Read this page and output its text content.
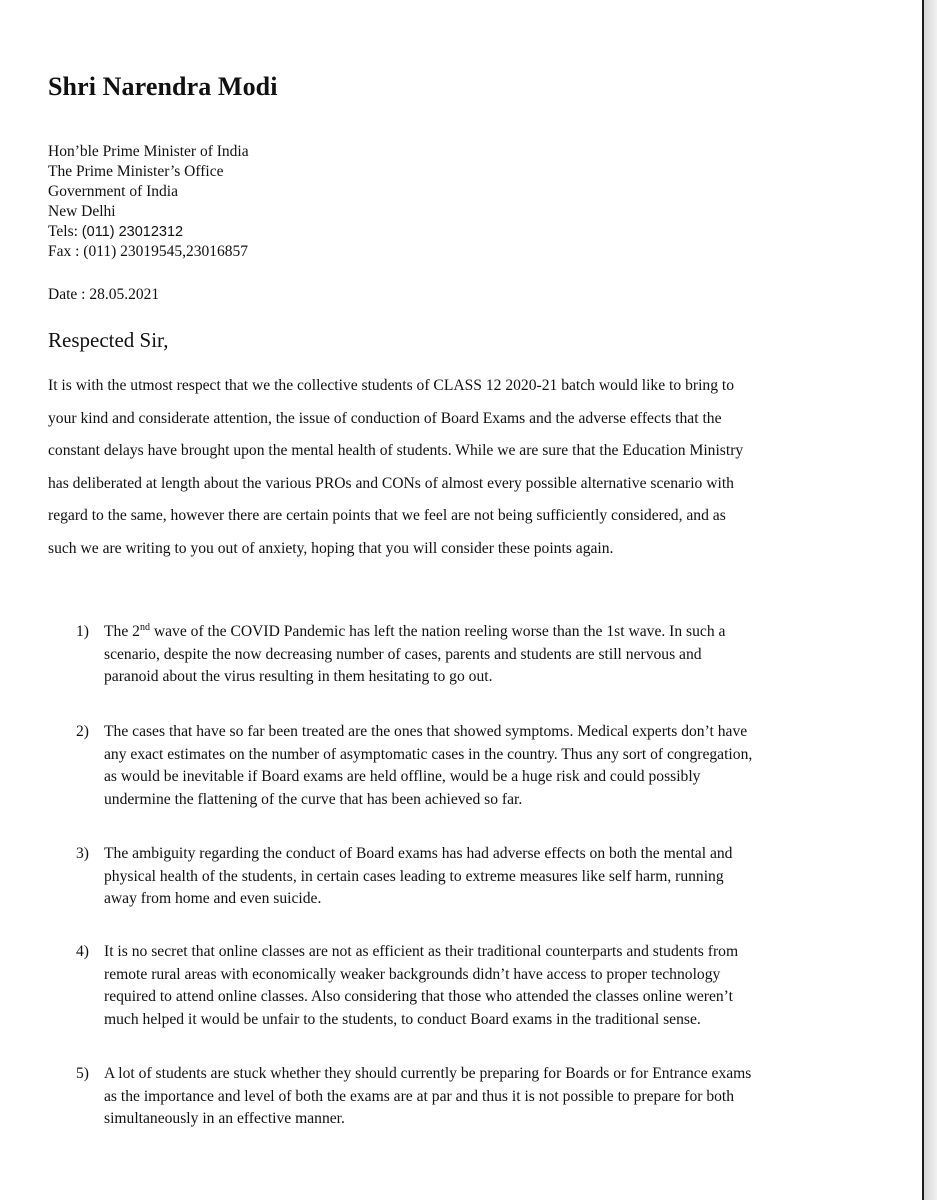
Shri Narendra Modi
Hon’ble Prime Minister of India
The Prime Minister’s Office
Government of India
New Delhi
Tels: (011) 23012312
Fax : (011) 23019545,23016857
Date : 28.05.2021
Respected Sir,

It is with the utmost respect that we the collective students of CLASS 12 2020-21 batch would like to bring to
your kind and considerate attention, the issue of conduction of Board Exams and the adverse effects that the
constant delays have brought upon the mental health of students. While we are sure that the Education Ministry
has deliberated at length about the various PROs and CONs of almost every possible alternative scenario with
regard to the same, however there are certain points that we feel are not being sufficiently considered, and as
such we are writing to you out of anxiety, hoping that you will consider these points again.

1) The 2nd wave of the COVID Pandemic has left the nation reeling worse than the 1st wave. In such a
scenario, despite the now decreasing number of cases, parents and students are still nervous and
paranoid about the virus resulting in them hesitating to go out.
2) The cases that have so far been treated are the ones that showed symptoms. Medical experts don’t have
any exact estimates on the number of asymptomatic cases in the country. Thus any sort of congregation,
as would be inevitable if Board exams are held offline, would be a huge risk and could possibly
undermine the flattening of the curve that has been achieved so far.
3) The ambiguity regarding the conduct of Board exams has had adverse effects on both the mental and
physical health of the students, in certain cases leading to extreme measures like self harm, running
away from home and even suicide.
4) It is no secret that online classes are not as efficient as their traditional counterparts and students from
remote rural areas with economically weaker backgrounds didn’t have access to proper technology
required to attend online classes. Also considering that those who attended the classes online weren’t
much helped it would be unfair to the students, to conduct Board exams in the traditional sense.
5) A lot of students are stuck whether they should currently be preparing for Boards or for Entrance exams
as the importance and level of both the exams are at par and thus it is not possible to prepare for both
simultaneously in an effective manner.
